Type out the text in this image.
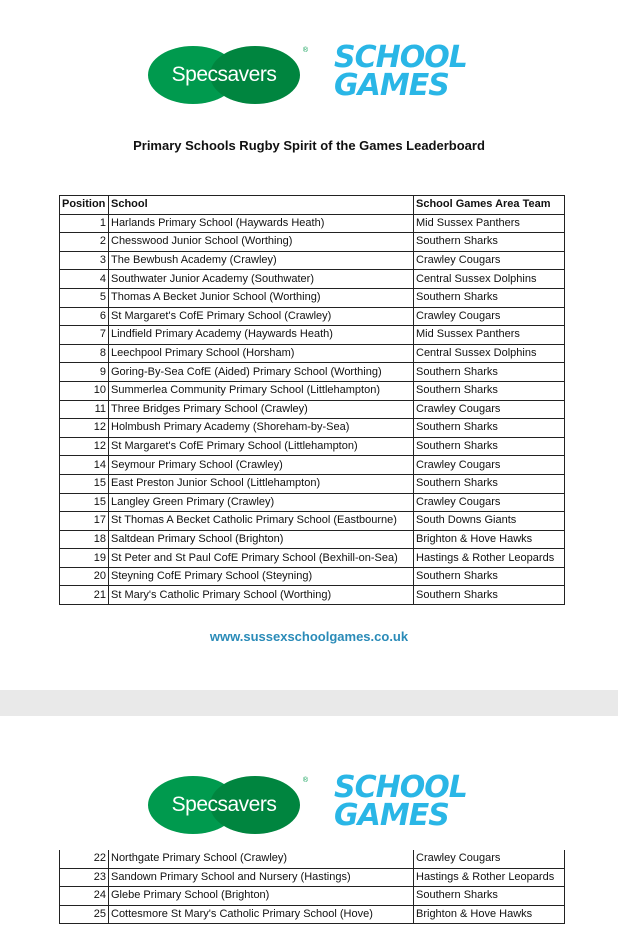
Specsavers
® SCHOOL
GAMES
Primary Schools Rugby Spirit of the Games Leaderboard
Position	School	School Games Area Team
1	Harlands Primary School (Haywards Heath)	Mid Sussex Panthers
2	Chesswood Junior School (Worthing)	Southern Sharks
3	The Bewbush Academy (Crawley)	Crawley Cougars
4	Southwater Junior Academy (Southwater)	Central Sussex Dolphins
5	Thomas A Becket Junior School (Worthing)	Southern Sharks
6	St Margaret's CofE Primary School (Crawley)	Crawley Cougars
7	Lindfield Primary Academy (Haywards Heath)	Mid Sussex Panthers
8	Leechpool Primary School (Horsham)	Central Sussex Dolphins
9	Goring-By-Sea CofE (Aided) Primary School (Worthing)	Southern Sharks
10	Summerlea Community Primary School (Littlehampton)	Southern Sharks
11	Three Bridges Primary School (Crawley)	Crawley Cougars
12	Holmbush Primary Academy (Shoreham-by-Sea)	Southern Sharks
12	St Margaret's CofE Primary School (Littlehampton)	Southern Sharks
14	Seymour Primary School (Crawley)	Crawley Cougars
15	East Preston Junior School (Littlehampton)	Southern Sharks
15	Langley Green Primary (Crawley)	Crawley Cougars
17	St Thomas A Becket Catholic Primary School (Eastbourne)	South Downs Giants
18	Saltdean Primary School (Brighton)	Brighton & Hove Hawks
19	St Peter and St Paul CofE Primary School (Bexhill-on-Sea)	Hastings & Rother Leopards
20	Steyning CofE Primary School (Steyning)	Southern Sharks
21	St Mary's Catholic Primary School (Worthing)	Southern Sharks
www.sussexschoolgames.co.uk
Specsavers
® SCHOOL
GAMES
22	Northgate Primary School (Crawley)	Crawley Cougars
23	Sandown Primary School and Nursery (Hastings)	Hastings & Rother Leopards
24	Glebe Primary School (Brighton)	Southern Sharks
25	Cottesmore St Mary's Catholic Primary School (Hove)	Brighton & Hove Hawks
